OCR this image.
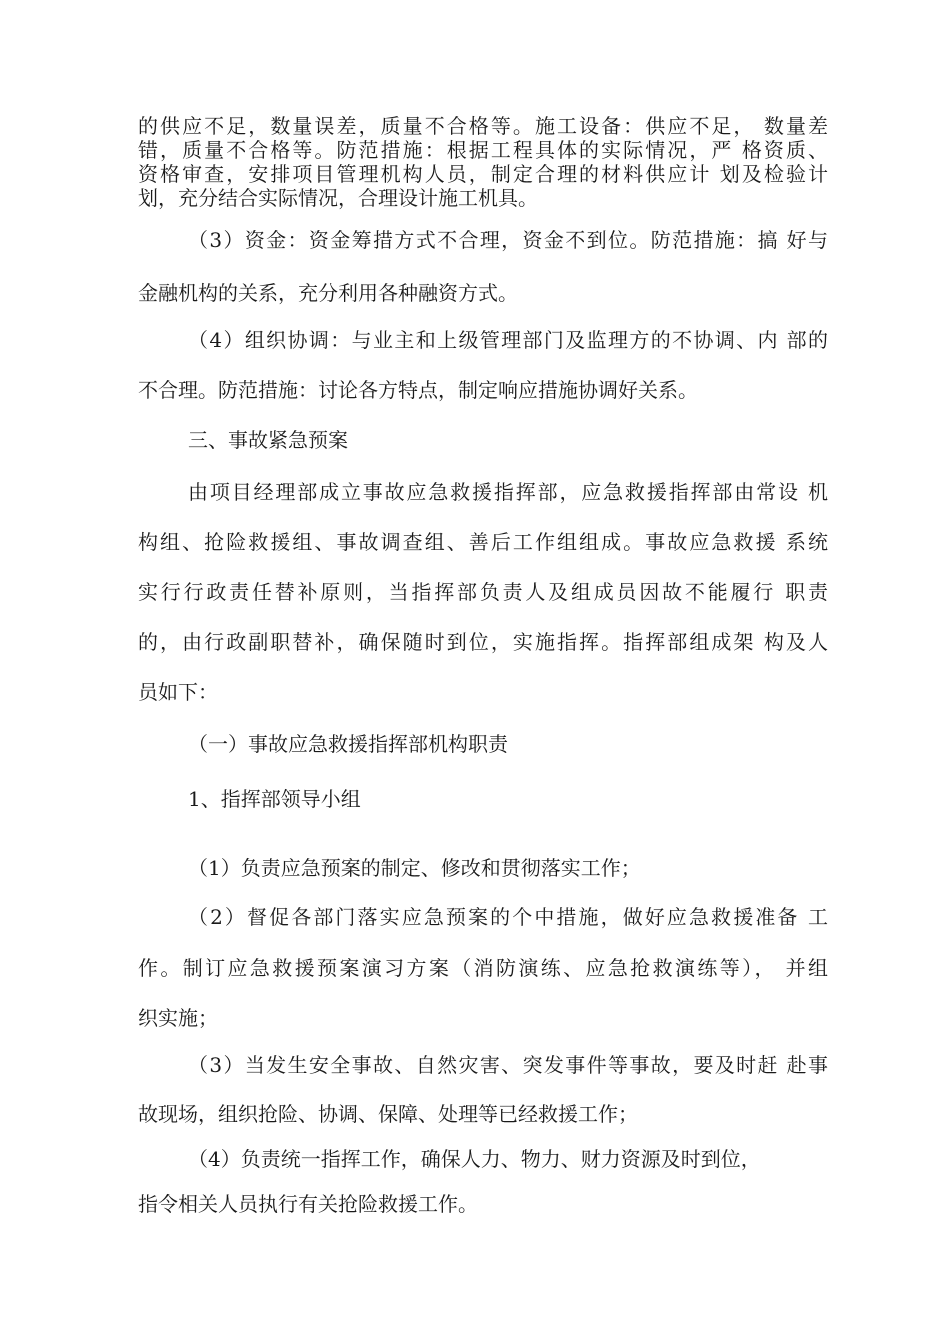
的供应不足，数量误差，质量不合格等。施工设备：供应不足， 数量差
错，质量不合格等。防范措施：根据工程具体的实际情况，严 格资质、
资格审查，安排项目管理机构人员，制定合理的材料供应计 划及检验计
划，充分结合实际情况，合理设计施工机具。
（3）资金：资金筹措方式不合理，资金不到位。防范措施：搞 好与
金融机构的关系，充分利用各种融资方式。
（4）组织协调：与业主和上级管理部门及监理方的不协调、内 部的
不合理。防范措施：讨论各方特点，制定响应措施协调好关系。
三、事故紧急预案
由项目经理部成立事故应急救援指挥部，应急救援指挥部由常设 机
构组、抢险救援组、事故调查组、善后工作组组成。事故应急救援 系统
实行行政责任替补原则，当指挥部负责人及组成员因故不能履行 职责
的，由行政副职替补，确保随时到位，实施指挥。指挥部组成架 构及人
员如下：
（一）事故应急救援指挥部机构职责
1、指挥部领导小组
（1）负责应急预案的制定、修改和贯彻落实工作；
（2）督促各部门落实应急预案的个中措施，做好应急救援准备 工
作。制订应急救援预案演习方案（消防演练、应急抢救演练等）， 并组
织实施；
（3）当发生安全事故、自然灾害、突发事件等事故，要及时赶 赴事
故现场，组织抢险、协调、保障、处理等已经救援工作；
（4）负责统一指挥工作，确保人力、物力、财力资源及时到位，
指令相关人员执行有关抢险救援工作。
